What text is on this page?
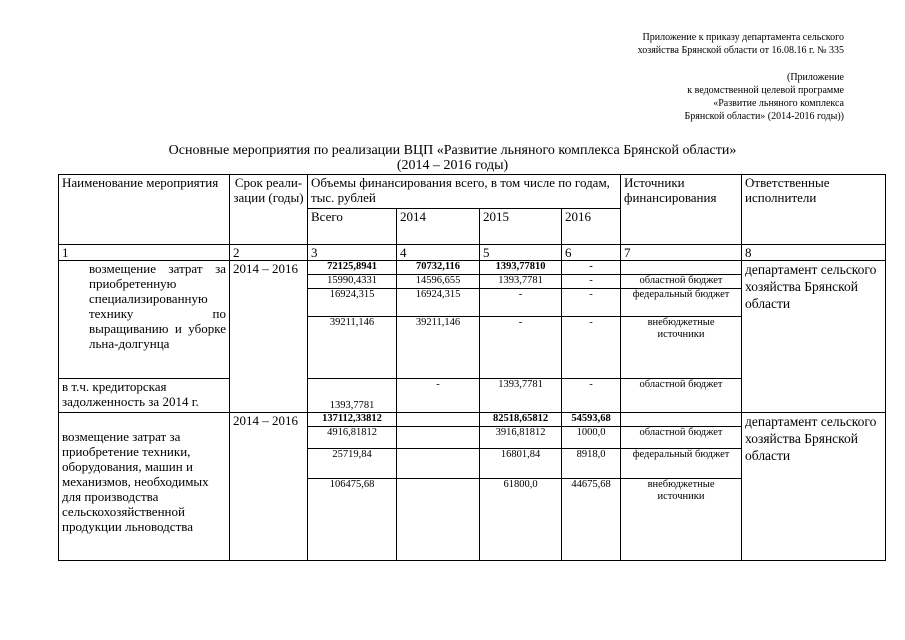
Приложение к приказу департамента сельского
хозяйства Брянской области от 16.08.16 г. № 335
(Приложение
к ведомственной целевой программе
«Развитие льняного комплекса
Брянской области» (2014-2016 годы))
Основные мероприятия по реализации ВЦП «Развитие льняного комплекса Брянской области»
(2014 – 2016 годы)
Наименование мероприятия	Срок реали-зации (годы)	Объемы финансирования всего, в том числе по годам, тыс. рублей				Источники финансирования	Ответственные исполнители
		Всего	2014	2015	2016		
1	2	3	4	5	6	7	8
возмещение затрат за приобретенную специализированную технику по выращиванию и уборке льна-долгунца	2014 – 2016	72125,8941	70732,116	1393,77810	-		департамент сельского хозяйства Брянской области
		15990,4331	14596,655	1393,7781	-	областной бюджет	
		16924,315	16924,315	-	-	федеральный бюджет	
		39211,146	39211,146	-	-	внебюджетные источники	
в т.ч. кредиторская задолженность за 2014 г.		1393,7781	-	1393,7781	-	областной бюджет	
возмещение затрат за приобретение техники, оборудования, машин и механизмов, необходимых для производства сельскохозяйственной продукции льноводства	2014 – 2016	137112,33812		82518,65812	54593,68		департамент сельского хозяйства Брянской области
		4916,81812		3916,81812	1000,0	областной бюджет	
		25719,84		16801,84	8918,0	федеральный бюджет	
		106475,68		61800,0	44675,68	внебюджетные источники	
